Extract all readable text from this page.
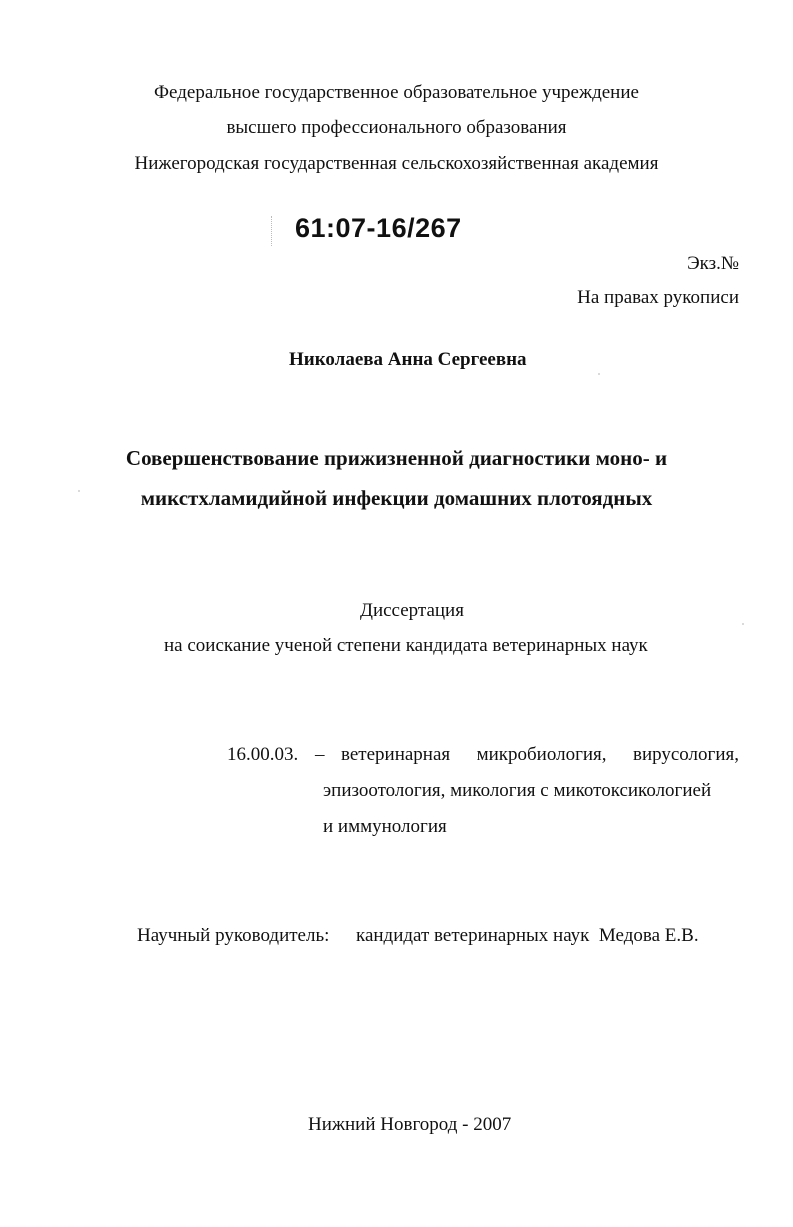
Федеральное государственное образовательное учреждение
высшего профессионального образования
Нижегородская государственная сельскохозяйственная академия
61:07-16/267
Экз.№
На правах рукописи
Николаева Анна Сергеевна
Совершенствование прижизненной диагностики моно- и
микстхламидийной инфекции домашних плотоядных
Диссертация
на соискание ученой степени кандидата ветеринарных наук
16.00.03. – ветеринарная микробиология, вирусология,
эпизоотология, микология с микотоксикологией
и иммунология
Научный руководитель: кандидат ветеринарных наук  Медова Е.В.
Нижний Новгород - 2007
